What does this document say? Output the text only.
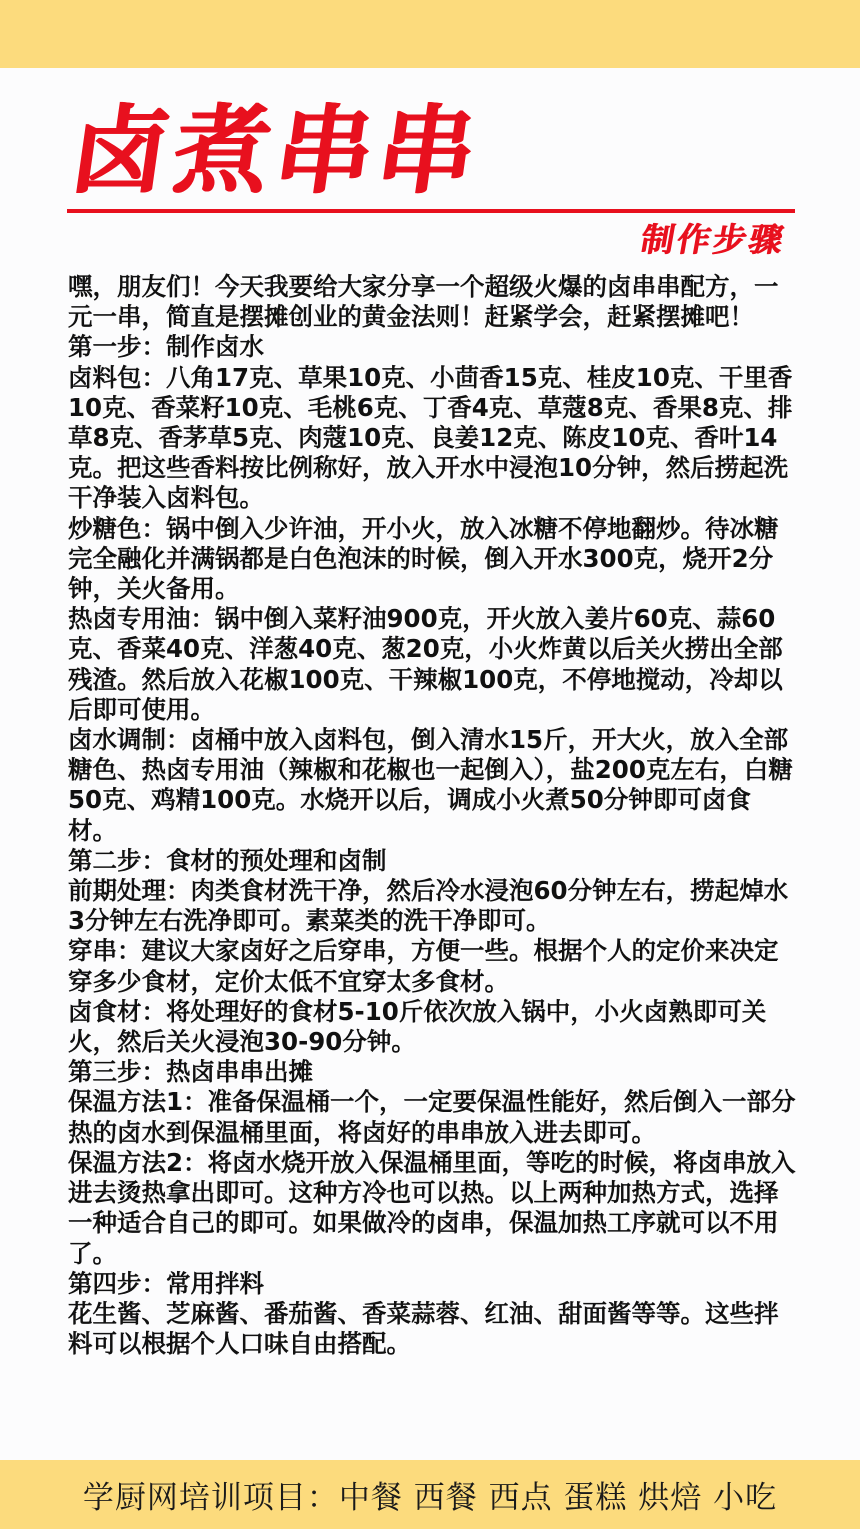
卤煮串串
制作步骤

嘿，朋友们！今天我要给大家分享一个超级火爆的卤串串配方，一元一串，简直是摆摊创业的黄金法则！赶紧学会，赶紧摆摊吧！

第一步：制作卤水

卤料包：八角17克、草果10克、小茴香15克、桂皮10克、干里香10克、香菜籽10克、毛桃6克、丁香4克、草蔻8克、香果8克、排草8克、香茅草5克、肉蔻10克、良姜12克、陈皮10克、香叶14克。把这些香料按比例称好，放入开水中浸泡10分钟，然后捞起洗干净装入卤料包。

炒糖色：锅中倒入少许油，开小火，放入冰糖不停地翻炒。待冰糖完全融化并满锅都是白色泡沫的时候，倒入开水300克，烧开2分钟，关火备用。

热卤专用油：锅中倒入菜籽油900克，开火放入姜片60克、蒜60克、香菜40克、洋葱40克、葱20克，小火炸黄以后关火捞出全部残渣。然后放入花椒100克、干辣椒100克，不停地搅动，冷却以后即可使用。

卤水调制：卤桶中放入卤料包，倒入清水15斤，开大火，放入全部糖色、热卤专用油（辣椒和花椒也一起倒入），盐200克左右，白糖50克、鸡精100克。水烧开以后，调成小火煮50分钟即可卤食材。

第二步：食材的预处理和卤制

前期处理：肉类食材洗干净，然后冷水浸泡60分钟左右，捞起焯水3分钟左右洗净即可。素菜类的洗干净即可。

穿串：建议大家卤好之后穿串，方便一些。根据个人的定价来决定穿多少食材，定价太低不宜穿太多食材。

卤食材：将处理好的食材5-10斤依次放入锅中，小火卤熟即可关火，然后关火浸泡30-90分钟。

第三步：热卤串串出摊

保温方法1：准备保温桶一个，一定要保温性能好，然后倒入一部分热的卤水到保温桶里面，将卤好的串串放入进去即可。

保温方法2：将卤水烧开放入保温桶里面，等吃的时候，将卤串放入进去烫热拿出即可。这种方冷也可以热。以上两种加热方式，选择一种适合自己的即可。如果做冷的卤串，保温加热工序就可以不用了。

第四步：常用拌料

花生酱、芝麻酱、番茄酱、香菜蒜蓉、红油、甜面酱等等。这些拌料可以根据个人口味自由搭配。

学厨网培训项目：中餐 西餐 西点 蛋糕 烘焙 小吃
